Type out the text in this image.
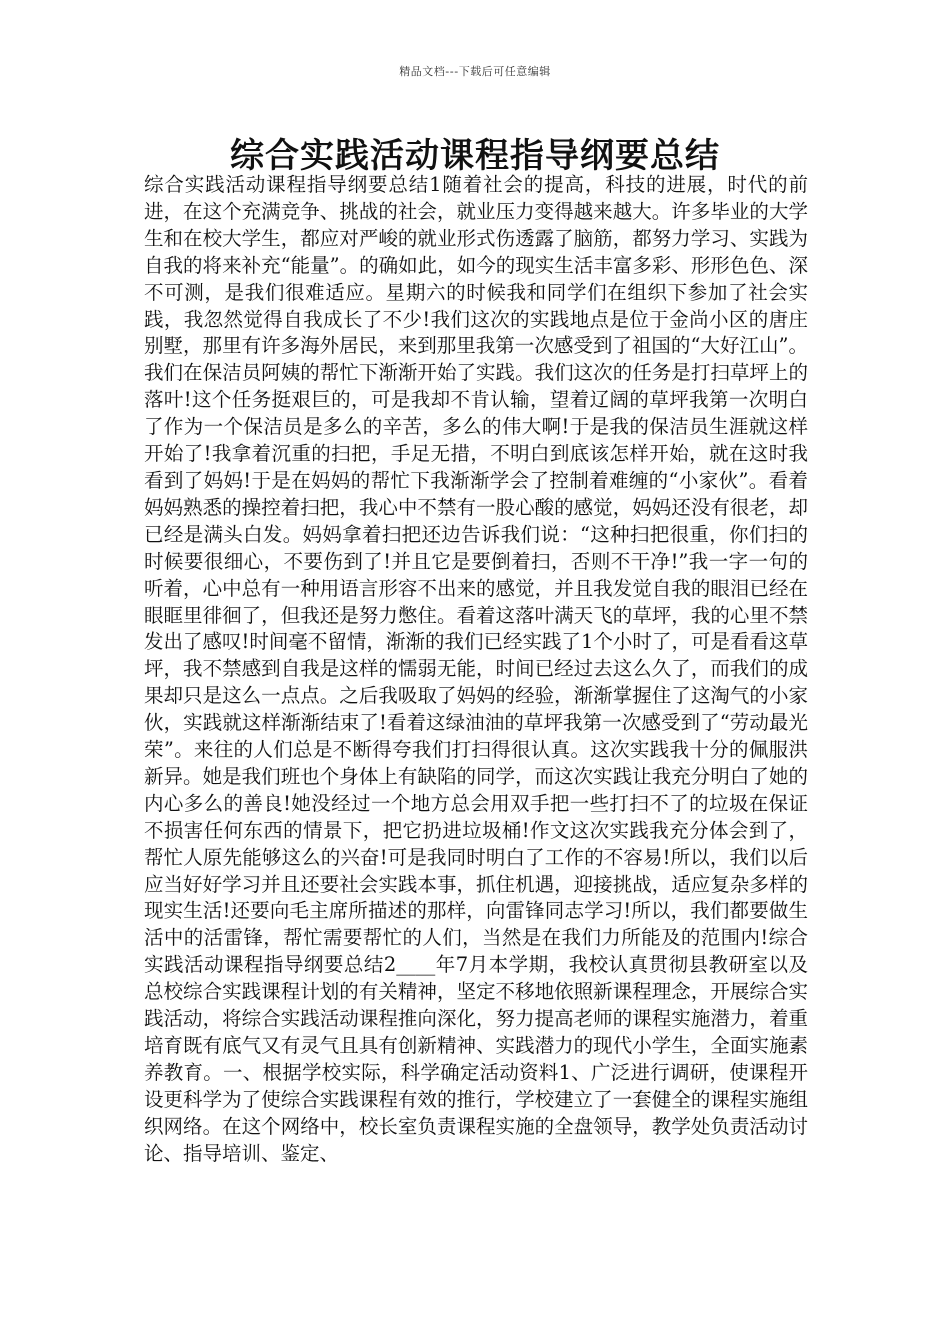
精品文档---下载后可任意编辑
综合实践活动课程指导纲要总结

综合实践活动课程指导纲要总结1随着社会的提高，科技的进展，时代的前进，在这个充满竞争、挑战的社会，就业压力变得越来越大。许多毕业的大学生和在校大学生，都应对严峻的就业形式伤透露了脑筋，都努力学习、实践为自我的将来补充“能量”。的确如此，如今的现实生活丰富多彩、形形色色、深不可测，是我们很难适应。星期六的时候我和同学们在组织下参加了社会实践，我忽然觉得自我成长了不少!我们这次的实践地点是位于金尚小区的唐庄别墅，那里有许多海外居民，来到那里我第一次感受到了祖国的“大好江山”。我们在保洁员阿姨的帮忙下渐渐开始了实践。我们这次的任务是打扫草坪上的落叶!这个任务挺艰巨的，可是我却不肯认输，望着辽阔的草坪我第一次明白了作为一个保洁员是多么的辛苦，多么的伟大啊!于是我的保洁员生涯就这样开始了!我拿着沉重的扫把，手足无措，不明白到底该怎样开始，就在这时我看到了妈妈!于是在妈妈的帮忙下我渐渐学会了控制着难缠的“小家伙”。看着妈妈熟悉的操控着扫把，我心中不禁有一股心酸的感觉，妈妈还没有很老，却已经是满头白发。妈妈拿着扫把还边告诉我们说：“这种扫把很重，你们扫的时候要很细心，不要伤到了!并且它是要倒着扫，否则不干净!”我一字一句的听着，心中总有一种用语言形容不出来的感觉，并且我发觉自我的眼泪已经在眼眶里徘徊了，但我还是努力憋住。看着这落叶满天飞的草坪，我的心里不禁发出了感叹!时间毫不留情，渐渐的我们已经实践了1个小时了，可是看看这草坪，我不禁感到自我是这样的懦弱无能，时间已经过去这么久了，而我们的成果却只是这么一点点。之后我吸取了妈妈的经验，渐渐掌握住了这淘气的小家伙，实践就这样渐渐结束了!看着这绿油油的草坪我第一次感受到了“劳动最光荣”。来往的人们总是不断得夸我们打扫得很认真。这次实践我十分的佩服洪新异。她是我们班也个身体上有缺陷的同学，而这次实践让我充分明白了她的内心多么的善良!她没经过一个地方总会用双手把一些打扫不了的垃圾在保证不损害任何东西的情景下，把它扔进垃圾桶!作文这次实践我充分体会到了，帮忙人原先能够这么的兴奋!可是我同时明白了工作的不容易!所以，我们以后应当好好学习并且还要社会实践本事，抓住机遇，迎接挑战，适应复杂多样的现实生活!还要向毛主席所描述的那样，向雷锋同志学习!所以，我们都要做生活中的活雷锋，帮忙需要帮忙的人们，当然是在我们力所能及的范围内!综合实践活动课程指导纲要总结2____年7月本学期，我校认真贯彻县教研室以及总校综合实践课程计划的有关精神，坚定不移地依照新课程理念，开展综合实践活动，将综合实践活动课程推向深化，努力提高老师的课程实施潜力，着重培育既有底气又有灵气且具有创新精神、实践潜力的现代小学生，全面实施素养教育。一、根据学校实际，科学确定活动资料1、广泛进行调研，使课程开设更科学为了使综合实践课程有效的推行，学校建立了一套健全的课程实施组织网络。在这个网络中，校长室负责课程实施的全盘领导，教学处负责活动讨论、指导培训、鉴定、
